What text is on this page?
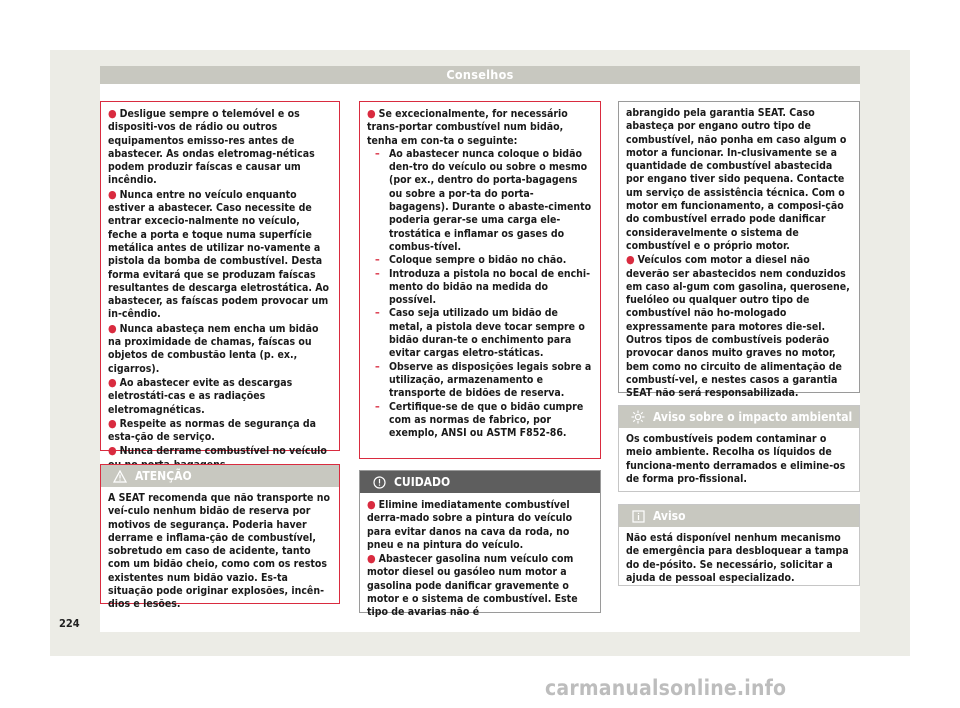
Conselhos

● Desligue sempre o telemóvel e os dispositi-vos de rádio ou outros equipamentos emisso-res antes de abastecer. As ondas eletromag-néticas podem produzir faíscas e causar um incêndio.

● Nunca entre no veículo enquanto estiver a abastecer. Caso necessite de entrar excecio-nalmente no veículo, feche a porta e toque numa superfície metálica antes de utilizar no-vamente a pistola da bomba de combustível. Desta forma evitará que se produzam faíscas resultantes de descarga eletrostática. Ao abastecer, as faíscas podem provocar um in-cêndio.

● Nunca abasteça nem encha um bidão na proximidade de chamas, faíscas ou objetos de combustão lenta (p. ex., cigarros).

● Ao abastecer evite as descargas eletrostáti-cas e as radiações eletromagnéticas.

● Respeite as normas de segurança da esta-ção de serviço.

● Nunca derrame combustível no veículo

ATENÇÃO

A SEAT recomenda que não transporte no veí-culo nenhum bidão de reserva por motivos de segurança. Poderia haver derrame e inflama-ção de combustível, sobretudo em caso de acidente, tanto com um bidão cheio, como com os restos existentes num bidão vazio. Es-ta situação pode originar explosões, incên-dios e lesões.

● Se excecionalmente, for necessário trans-portar combustível num bidão, tenha em con-ta o seguinte:

– Ao abastecer nunca coloque o bidão den-tro do veículo ou sobre o mesmo (por ex., dentro do porta-bagagens ou sobre a por-ta do porta-bagagens). Durante o abaste-cimento poderia gerar-se uma carga ele-trostática e inflamar os gases do combus-tível.

– Coloque sempre o bidão no chão.

– Introduza a pistola no bocal de enchi-mento do bidão na medida do possível.

– Caso seja utilizado um bidão de metal, a pistola deve tocar sempre o bidão duran-te o enchimento para evitar cargas eletro-státicas.

– Observe as disposições legais sobre a utilização, armazenamento e transporte de bidões de reserva.

– Certifique-se de que o bidão cumpre com as normas de fabrico, por exemplo, ANSI ou ASTM F852-86.

CUIDADO

● Elimine imediatamente combustível derra-mado sobre a pintura do veículo para evitar danos na cava da roda, no pneu e na pintura do veículo.

● Abastecer gasolina num veículo com motor diesel ou gasóleo num motor a gasolina pode danificar gravemente o motor e o sistema de combustível. Este tipo de avarias não é

abrangido pela garantia SEAT. Caso abasteça por engano outro tipo de combustível, não ponha em caso algum o motor a funcionar. In-clusivamente se a quantidade de combustível abastecida por engano tiver sido pequena. Contacte um serviço de assistência técnica. Com o motor em funcionamento, a composi-ção do combustível errado pode danificar consideravelmente o sistema de combustível e o próprio motor.

● Veículos com motor a diesel não deverão ser abastecidos nem conduzidos em caso al-gum com gasolina, querosene, fuelóleo ou qualquer outro tipo de combustível não ho-mologado expressamente para motores die-sel. Outros tipos de combustíveis poderão provocar danos muito graves no motor, bem como no circuito de alimentação de combustí-vel, e nestes casos a garantia SEAT não será responsabilizada.

Aviso sobre o impacto ambiental

Os combustíveis podem contaminar o meio ambiente. Recolha os líquidos de funciona-mento derramados e elimine-os de forma pro-fissional.

Aviso

Não está disponível nenhum mecanismo de emergência para desbloquear a tampa do de-pósito. Se necessário, solicitar a ajuda de pessoal especializado.

224
carmanualsonline.info
